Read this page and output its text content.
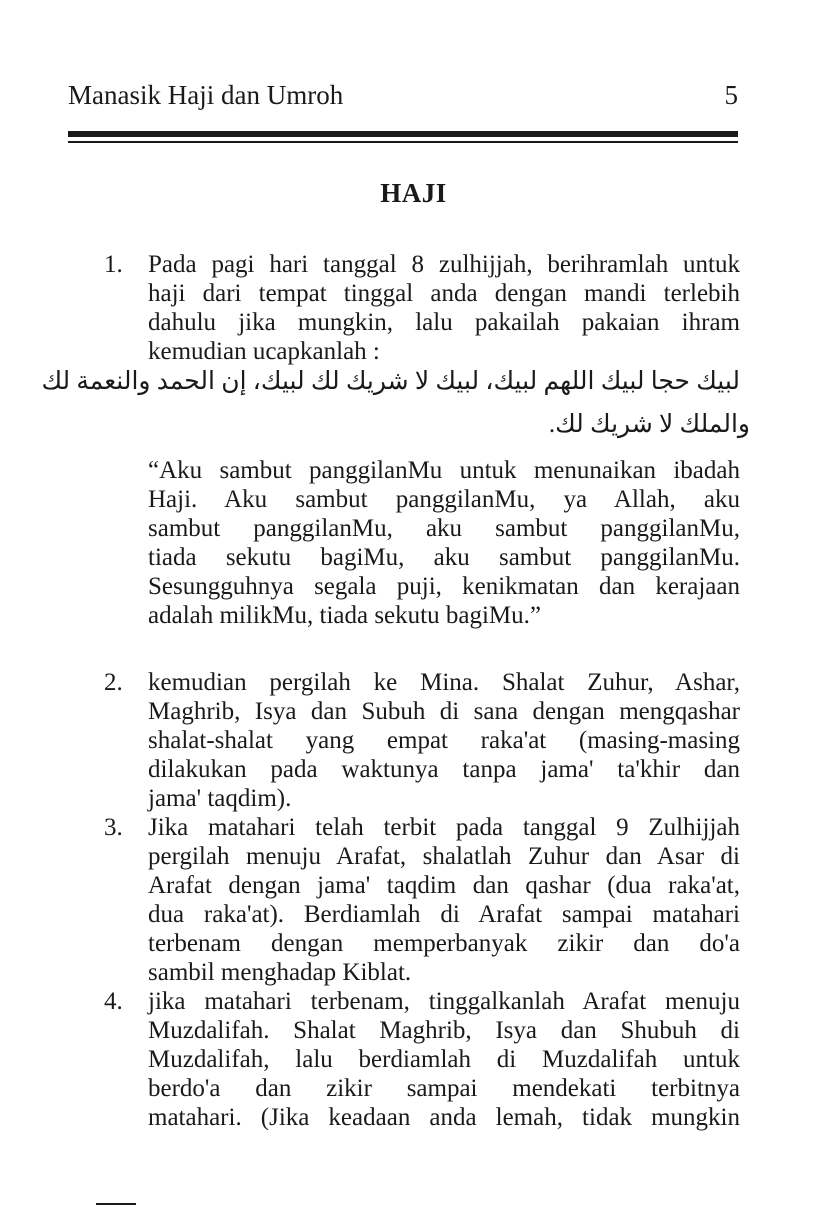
Manasik Haji dan Umroh	5
HAJI
1.	Pada pagi hari tanggal 8 zulhijjah, berihramlah untuk
haji dari tempat tinggal anda dengan mandi terlebih
dahulu jika mungkin, lalu pakailah pakaian ihram
kemudian ucapkanlah :
لبيك حجا لبيك اللهم لبيك، لبيك لا شريك لك لبيك، إن الحمد والنعمة لك
والملك لا شريك لك.
“Aku sambut panggilanMu untuk menunaikan ibadah
Haji. Aku sambut panggilanMu, ya Allah, aku
sambut panggilanMu, aku sambut panggilanMu,
tiada sekutu bagiMu, aku sambut panggilanMu.
Sesungguhnya segala puji, kenikmatan dan kerajaan
adalah milikMu, tiada sekutu bagiMu.”
2.	kemudian pergilah ke Mina. Shalat Zuhur, Ashar,
Maghrib, Isya dan Subuh di sana dengan mengqashar
shalat-shalat yang empat raka'at (masing-masing
dilakukan pada waktunya tanpa jama' ta'khir dan
jama' taqdim).
3.	Jika matahari telah terbit pada tanggal 9 Zulhijjah
pergilah menuju Arafat, shalatlah Zuhur dan Asar di
Arafat dengan jama' taqdim dan qashar (dua raka'at,
dua raka'at). Berdiamlah di Arafat sampai matahari
terbenam dengan memperbanyak zikir dan do'a
sambil menghadap Kiblat.
4.	jika matahari terbenam, tinggalkanlah Arafat menuju
Muzdalifah. Shalat Maghrib, Isya dan Shubuh di
Muzdalifah, lalu berdiamlah di Muzdalifah untuk
berdo'a dan zikir sampai mendekati terbitnya
matahari. (Jika keadaan anda lemah, tidak mungkin
